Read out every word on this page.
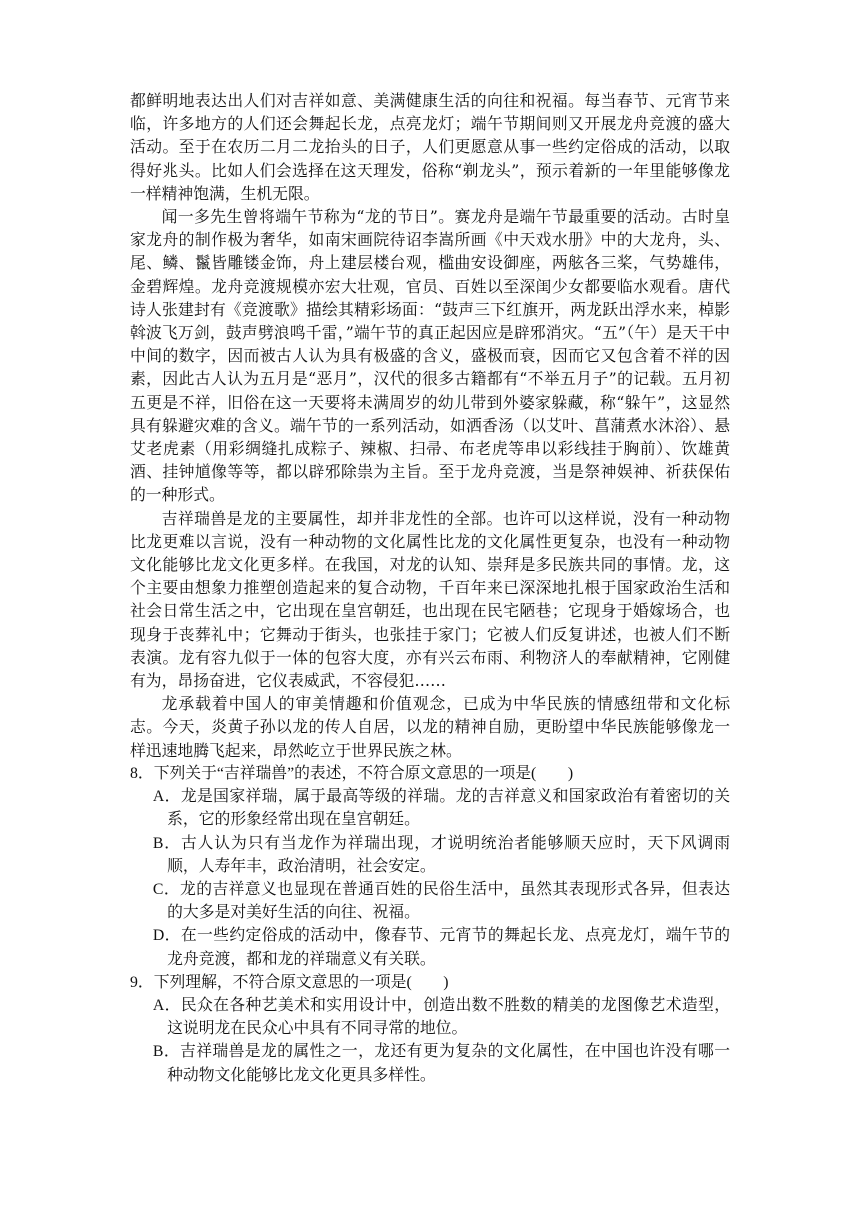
都鲜明地表达出人们对吉祥如意、美满健康生活的向往和祝福。每当春节、元宵节来临，许多地方的人们还会舞起长龙，点亮龙灯；端午节期间则又开展龙舟竞渡的盛大活动。至于在农历二月二龙抬头的日子，人们更愿意从事一些约定俗成的活动，以取得好兆头。比如人们会选择在这天理发，俗称“剃龙头”，预示着新的一年里能够像龙一样精神饱满，生机无限。

闻一多先生曾将端午节称为“龙的节日”。赛龙舟是端午节最重要的活动。古时皇家龙舟的制作极为奢华，如南宋画院待诏李嵩所画《中天戏水册》中的大龙舟，头、尾、鳞、鬣皆雕镂金饰，舟上建层楼台观，槛曲安设御座，两舷各三桨，气势雄伟，金碧辉煌。龙舟竞渡规模亦宏大壮观，官员、百姓以至深闺少女都要临水观看。唐代诗人张建封有《竞渡歌》描绘其精彩场面：“鼓声三下红旗开，两龙跃出浮水来，棹影斡波飞万剑，鼓声劈浪鸣千雷，”端午节的真正起因应是辟邪消灾。“五”（午）是天干中中间的数字，因而被古人认为具有极盛的含义，盛极而衰，因而它又包含着不祥的因素，因此古人认为五月是“恶月”，汉代的很多古籍都有“不举五月子”的记载。五月初五更是不祥，旧俗在这一天要将未满周岁的幼儿带到外婆家躲藏，称“躲午”，这显然具有躲避灾难的含义。端午节的一系列活动，如洒香汤（以艾叶、菖蒲煮水沐浴）、悬艾老虎素（用彩绸缝扎成粽子、辣椒、扫帚、布老虎等串以彩线挂于胸前）、饮雄黄酒、挂钟馗像等等，都以辟邪除祟为主旨。至于龙舟竞渡，当是祭神娱神、祈获保佑的一种形式。

吉祥瑞兽是龙的主要属性，却并非龙性的全部。也许可以这样说，没有一种动物比龙更难以言说，没有一种动物的文化属性比龙的文化属性更复杂，也没有一种动物文化能够比龙文化更多样。在我国，对龙的认知、崇拜是多民族共同的事情。龙，这个主要由想象力推塑创造起来的复合动物，千百年来已深深地扎根于国家政治生活和社会日常生活之中，它出现在皇宫朝廷，也出现在民宅陋巷；它现身于婚嫁场合，也现身于丧葬礼中；它舞动于街头，也张挂于家门；它被人们反复讲述，也被人们不断表演。龙有容九似于一体的包容大度，亦有兴云布雨、利物济人的奉献精神，它刚健有为，昂扬奋进，它仪表威武，不容侵犯……

龙承载着中国人的审美情趣和价值观念，已成为中华民族的情感纽带和文化标志。今天，炎黄子孙以龙的传人自居，以龙的精神自励，更盼望中华民族能够像龙一样迅速地腾飞起来，昂然屹立于世界民族之林。

8．下列关于“吉祥瑞兽”的表述，不符合原文意思的一项是(　　)

A．龙是国家祥瑞，属于最高等级的祥瑞。龙的吉祥意义和国家政治有着密切的关系，它的形象经常出现在皇宫朝廷。

B．古人认为只有当龙作为祥瑞出现，才说明统治者能够顺天应时，天下风调雨顺，人寿年丰，政治清明，社会安定。

C．龙的吉祥意义也显现在普通百姓的民俗生活中，虽然其表现形式各异，但表达的大多是对美好生活的向往、祝福。

D．在一些约定俗成的活动中，像春节、元宵节的舞起长龙、点亮龙灯，端午节的龙舟竞渡，都和龙的祥瑞意义有关联。

9．下列理解，不符合原文意思的一项是(　　)

A．民众在各种艺美术和实用设计中，创造出数不胜数的精美的龙图像艺术造型，这说明龙在民众心中具有不同寻常的地位。

B．吉祥瑞兽是龙的属性之一，龙还有更为复杂的文化属性，在中国也许没有哪一种动物文化能够比龙文化更具多样性。
